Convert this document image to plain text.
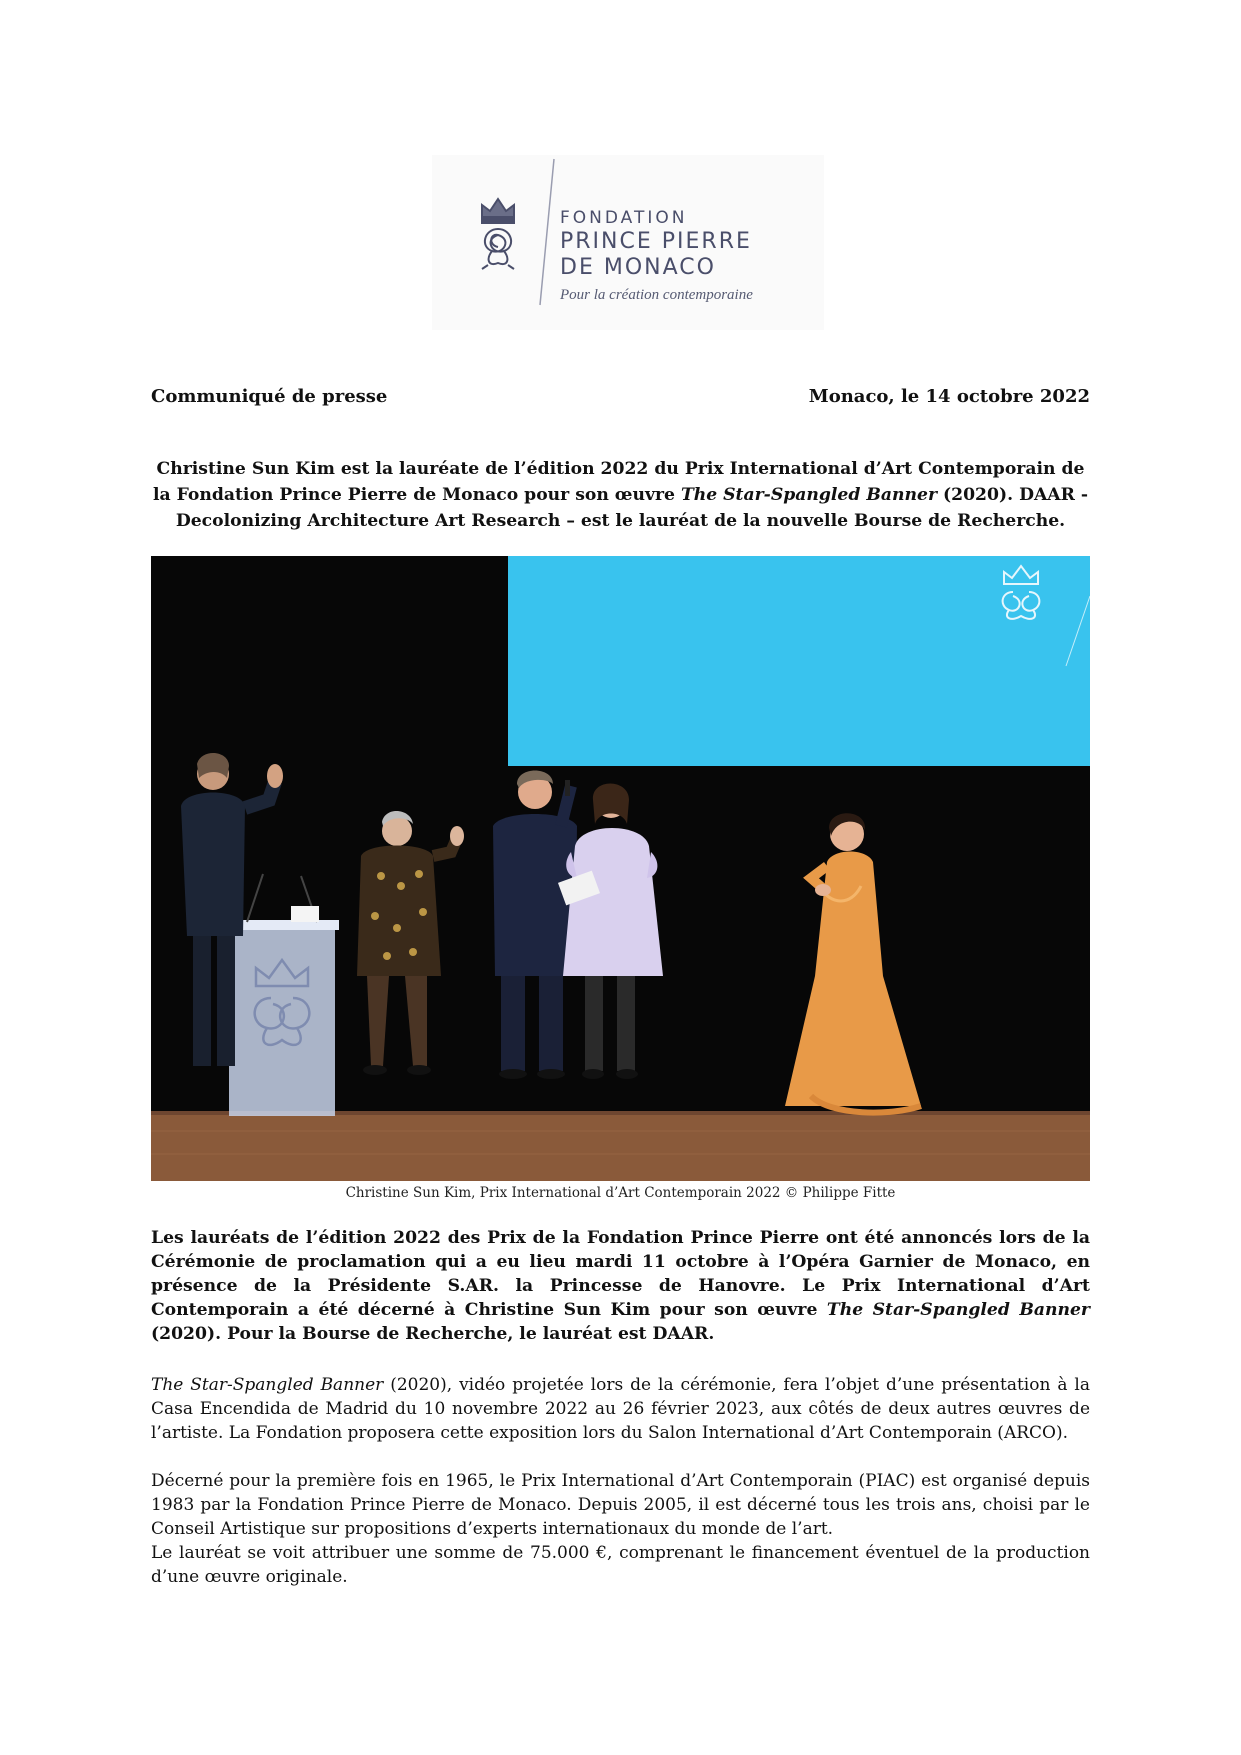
FONDATION
PRINCE PIERRE
DE MONACO
Pour la création contemporaine
Communiqué de presse	Monaco, le 14 octobre 2022
Christine Sun Kim est la lauréate de l’édition 2022 du Prix International d’Art Contemporain de la Fondation Prince Pierre de Monaco pour son œuvre The Star-Spangled Banner (2020). DAAR - Decolonizing Architecture Art Research – est le lauréat de la nouvelle Bourse de Recherche.
Christine Sun Kim, Prix International d’Art Contemporain 2022 © Philippe Fitte
Les lauréats de l’édition 2022 des Prix de la Fondation Prince Pierre ont été annoncés lors de la Cérémonie de proclamation qui a eu lieu mardi 11 octobre à l’Opéra Garnier de Monaco, en présence de la Présidente S.AR. la Princesse de Hanovre. Le Prix International d’Art Contemporain a été décerné à Christine Sun Kim pour son œuvre The Star-Spangled Banner (2020). Pour la Bourse de Recherche, le lauréat est DAAR.
The Star-Spangled Banner (2020), vidéo projetée lors de la cérémonie, fera l’objet d’une présentation à la Casa Encendida de Madrid du 10 novembre 2022 au 26 février 2023, aux côtés de deux autres œuvres de l’artiste. La Fondation proposera cette exposition lors du Salon International d’Art Contemporain (ARCO).
Décerné pour la première fois en 1965, le Prix International d’Art Contemporain (PIAC) est organisé depuis 1983 par la Fondation Prince Pierre de Monaco. Depuis 2005, il est décerné tous les trois ans, choisi par le Conseil Artistique sur propositions d’experts internationaux du monde de l’art.
Le lauréat se voit attribuer une somme de 75.000 €, comprenant le financement éventuel de la production d’une œuvre originale.
